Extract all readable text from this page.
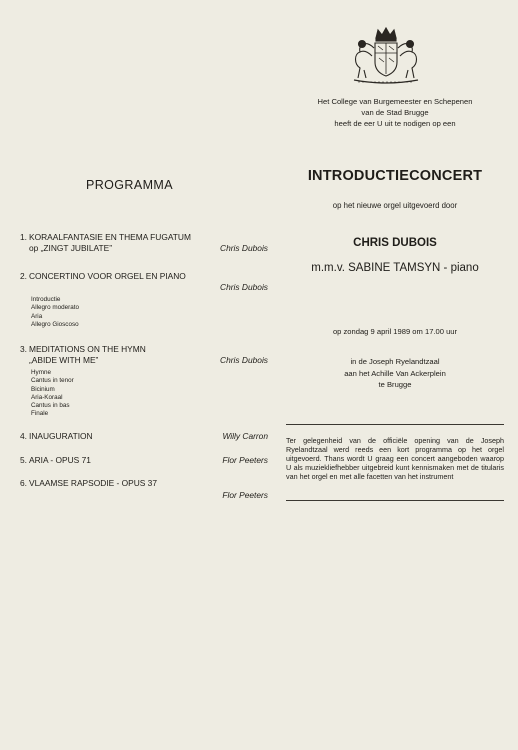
Het College van Burgemeester en Schepenen
van de Stad Brugge
heeft de eer U uit te nodigen op een
INTRODUCTIECONCERT
op het nieuwe orgel uitgevoerd door
CHRIS DUBOIS
m.m.v. SABINE TAMSYN - piano
op zondag 9 april 1989 om 17.00 uur
in de Joseph Ryelandtzaal
aan het Achille Van Ackerplein
te Brugge
Ter gelegenheid van de officiële opening van de Joseph Ryelandtzaal werd reeds een kort programma op het orgel uitgevoerd. Thans wordt U graag een concert aangeboden waarop U als muziekliefhebber uitgebreid kunt kennismaken met de titularis van het orgel en met alle facetten van het instrument
PROGRAMMA
1. KORAALFANTASIE EN THEMA FUGATUM
op „ZINGT JUBILATE”	Chris Dubois
2. CONCERTINO VOOR ORGEL EN PIANO
Chris Dubois
Introductie
Allegro moderato
Aria
Allegro Gioscoso
3. MEDITATIONS ON THE HYMN
„ABIDE WITH ME”	Chris Dubois
Hymne
Cantus in tenor
Bicinium
Aria-Koraal
Cantus in bas
Finale
4. INAUGURATION	Willy Carron
5. ARIA - OPUS 71	Flor Peeters
6. VLAAMSE RAPSODIE - OPUS 37
Flor Peeters
